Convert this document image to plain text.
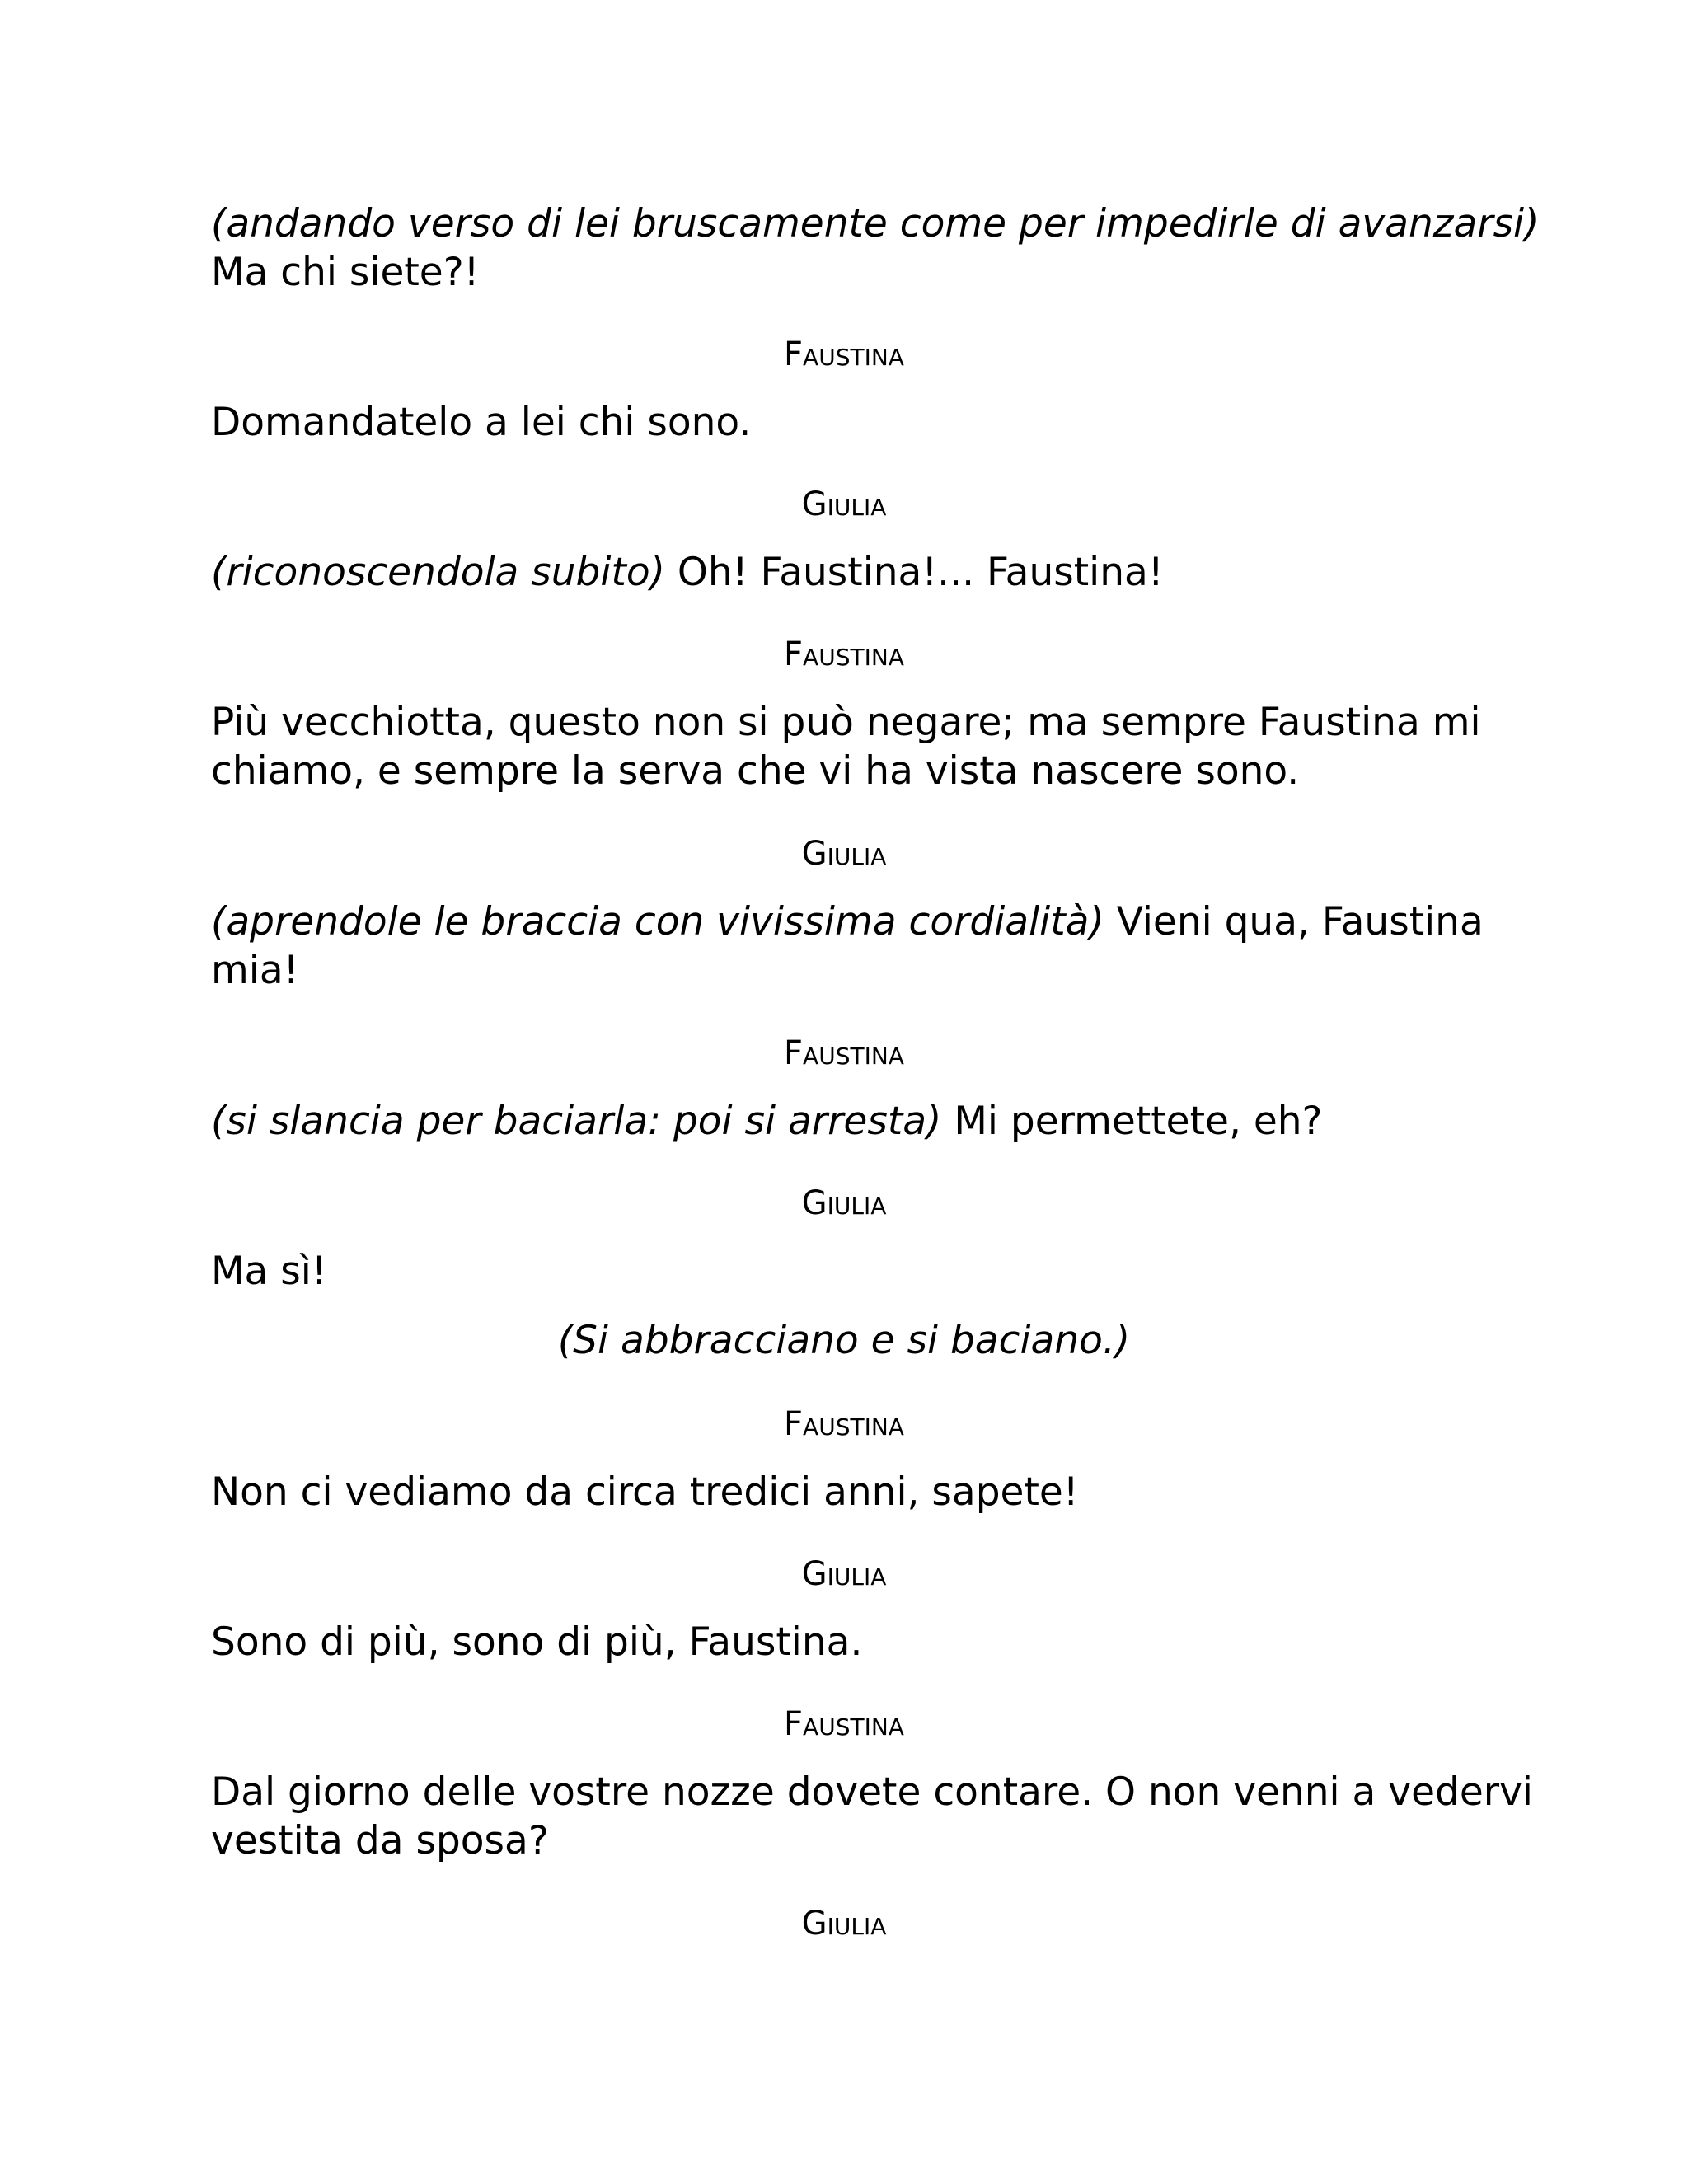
(andando verso di lei bruscamente come per impedirle di avanzarsi)
Ma chi siete?!
Faustina
Domandatelo a lei chi sono.
Giulia
(riconoscendola subito) Oh! Faustina!... Faustina!
Faustina
Più vecchiotta, questo non si può negare; ma sempre Faustina mi
chiamo, e sempre la serva che vi ha vista nascere sono.
Giulia
(aprendole le braccia con vivissima cordialità) Vieni qua, Faustina
mia!
Faustina
(si slancia per baciarla: poi si arresta) Mi permettete, eh?
Giulia
Ma sì!
(Si abbracciano e si baciano.)
Faustina
Non ci vediamo da circa tredici anni, sapete!
Giulia
Sono di più, sono di più, Faustina.
Faustina
Dal giorno delle vostre nozze dovete contare. O non venni a vedervi
vestita da sposa?
Giulia
